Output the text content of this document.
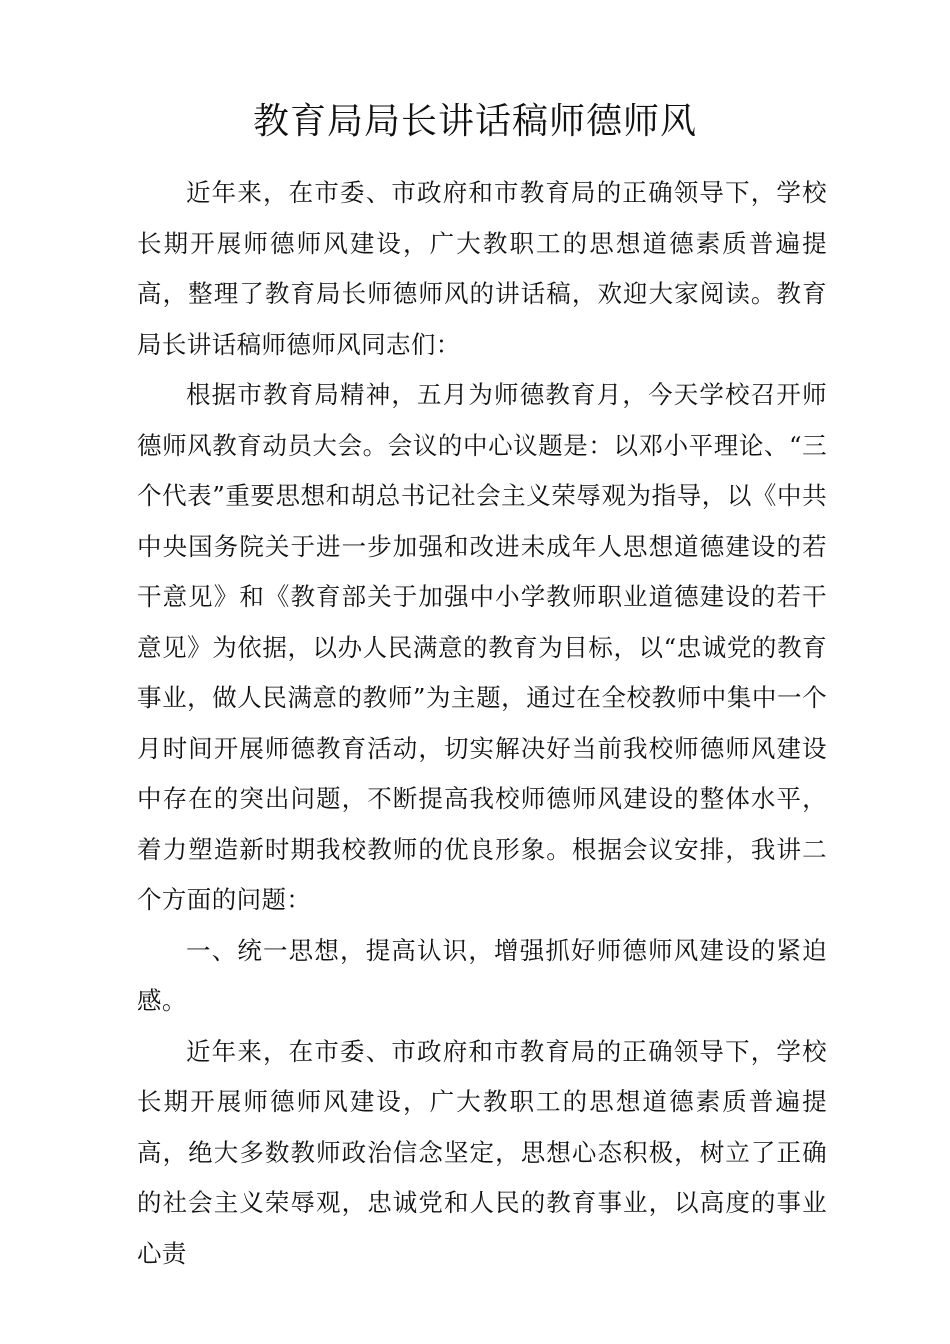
教育局局长讲话稿师德师风

近年来，在市委、市政府和市教育局的正确领导下，学校长期开展师德师风建设，广大教职工的思想道德素质普遍提高，整理了教育局长师德师风的讲话稿，欢迎大家阅读。教育局长讲话稿师德师风同志们：

根据市教育局精神，五月为师德教育月，今天学校召开师德师风教育动员大会。会议的中心议题是：以邓小平理论、“三个代表”重要思想和胡总书记社会主义荣辱观为指导，以《中共中央国务院关于进一步加强和改进未成年人思想道德建设的若干意见》和《教育部关于加强中小学教师职业道德建设的若干意见》为依据，以办人民满意的教育为目标，以“忠诚党的教育事业，做人民满意的教师”为主题，通过在全校教师中集中一个月时间开展师德教育活动，切实解决好当前我校师德师风建设中存在的突出问题，不断提高我校师德师风建设的整体水平，着力塑造新时期我校教师的优良形象。根据会议安排，我讲二个方面的问题：

一、统一思想，提高认识，增强抓好师德师风建设的紧迫感。

近年来，在市委、市政府和市教育局的正确领导下，学校长期开展师德师风建设，广大教职工的思想道德素质普遍提高，绝大多数教师政治信念坚定，思想心态积极，树立了正确的社会主义荣辱观，忠诚党和人民的教育事业，以高度的事业心责
